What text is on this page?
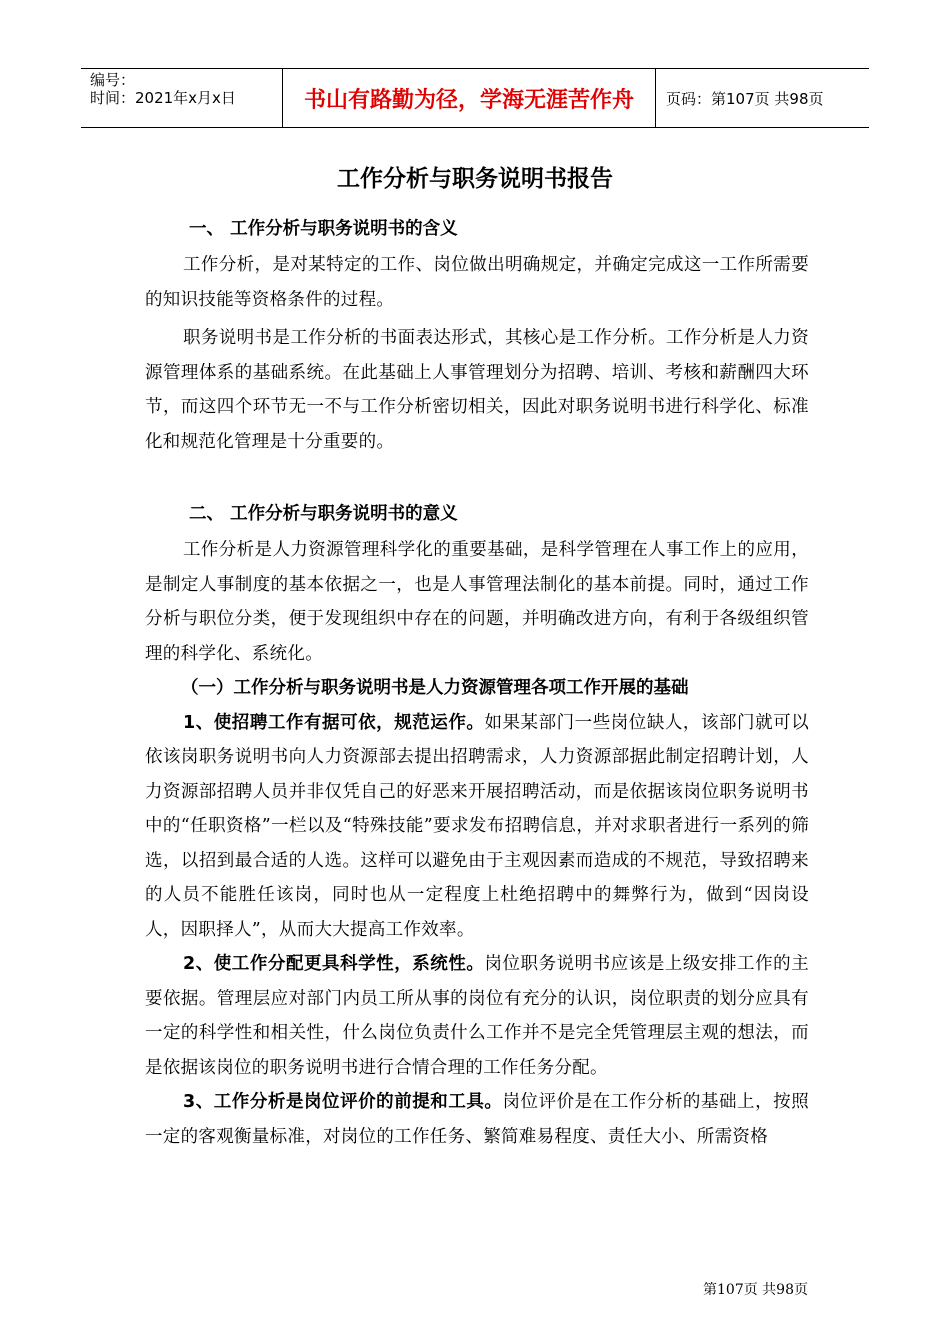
编号：
时间：2021年x月x日	书山有路勤为径，学海无涯苦作舟	页码：第107页 共98页
工作分析与职务说明书报告
一、 工作分析与职务说明书的含义

工作分析，是对某特定的工作、岗位做出明确规定，并确定完成这一工作所需要的知识技能等资格条件的过程。

职务说明书是工作分析的书面表达形式，其核心是工作分析。工作分析是人力资源管理体系的基础系统。在此基础上人事管理划分为招聘、培训、考核和薪酬四大环节，而这四个环节无一不与工作分析密切相关，因此对职务说明书进行科学化、标准化和规范化管理是十分重要的。

二、 工作分析与职务说明书的意义

工作分析是人力资源管理科学化的重要基础，是科学管理在人事工作上的应用，是制定人事制度的基本依据之一，也是人事管理法制化的基本前提。同时，通过工作分析与职位分类，便于发现组织中存在的问题，并明确改进方向，有利于各级组织管理的科学化、系统化。

（一）工作分析与职务说明书是人力资源管理各项工作开展的基础

1、使招聘工作有据可依，规范运作。如果某部门一些岗位缺人，该部门就可以依该岗职务说明书向人力资源部去提出招聘需求，人力资源部据此制定招聘计划，人力资源部招聘人员并非仅凭自己的好恶来开展招聘活动，而是依据该岗位职务说明书中的“任职资格”一栏以及“特殊技能”要求发布招聘信息，并对求职者进行一系列的筛选，以招到最合适的人选。这样可以避免由于主观因素而造成的不规范，导致招聘来的人员不能胜任该岗，同时也从一定程度上杜绝招聘中的舞弊行为，做到“因岗设人，因职择人”，从而大大提高工作效率。

2、使工作分配更具科学性，系统性。岗位职务说明书应该是上级安排工作的主要依据。管理层应对部门内员工所从事的岗位有充分的认识，岗位职责的划分应具有一定的科学性和相关性，什么岗位负责什么工作并不是完全凭管理层主观的想法，而是依据该岗位的职务说明书进行合情合理的工作任务分配。

3、工作分析是岗位评价的前提和工具。岗位评价是在工作分析的基础上，按照一定的客观衡量标准，对岗位的工作任务、繁简难易程度、责任大小、所需资格

第107页 共98页
